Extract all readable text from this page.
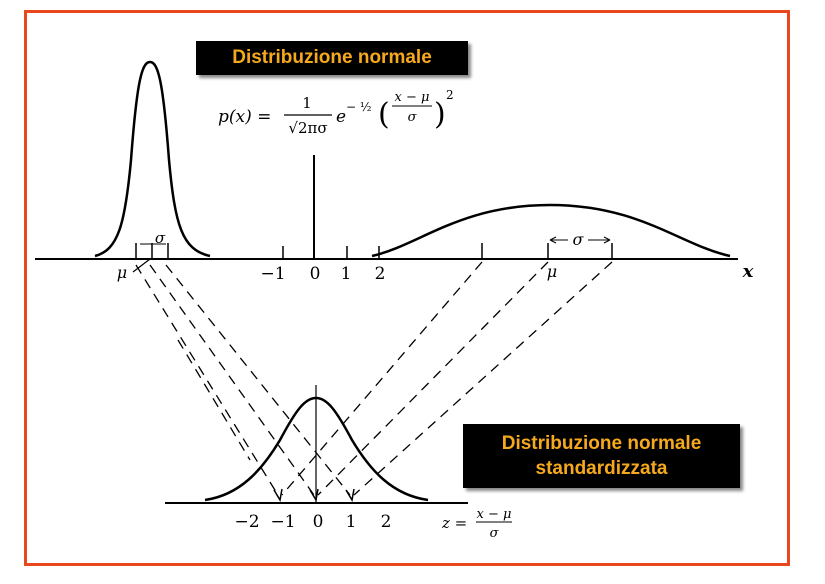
σ
μ	−1 0 1 2
σ
μ	x
p(x) =
1
√2πσ
e − ½ ( x − μ
σ )
2
−2 −1 0 1 2	z = x − μ
σ
Distribuzione normale
Distribuzione normale
standardizzata
